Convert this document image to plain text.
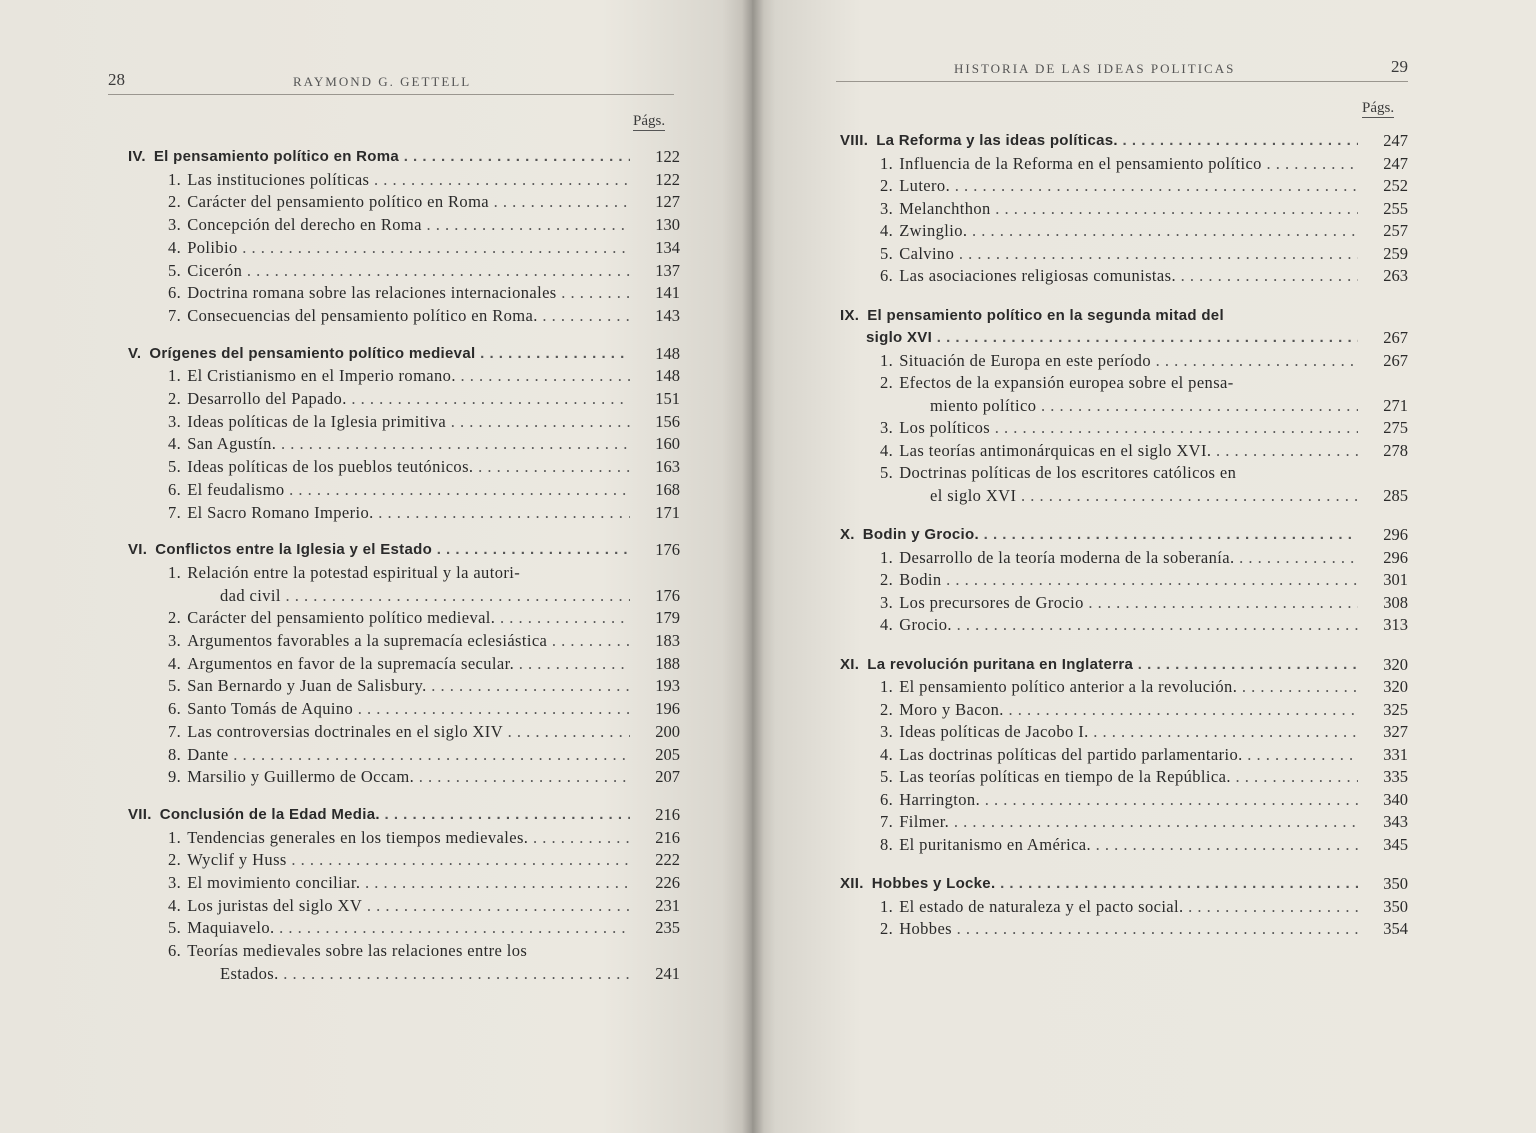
28	RAYMOND G. GETTELL
Págs.
IV. El pensamiento político en Roma . . .	122
1. Las instituciones políticas . . .	122
2. Carácter del pensamiento político en Roma . . .	127
3. Concepción del derecho en Roma . . .	130
4. Polibio . . .	134
5. Cicerón . . .	137
6. Doctrina romana sobre las relaciones internacionales . . .	141
7. Consecuencias del pensamiento político en Roma. . . .	143
V. Orígenes del pensamiento político medieval . . .	148
1. El Cristianismo en el Imperio romano. . . .	148
2. Desarrollo del Papado. . . .	151
3. Ideas políticas de la Iglesia primitiva . . .	156
4. San Agustín. . . .	160
5. Ideas políticas de los pueblos teutónicos. . . .	163
6. El feudalismo . . .	168
7. El Sacro Romano Imperio. . . .	171
VI. Conflictos entre la Iglesia y el Estado . . .	176
1. Relación entre la potestad espiritual y la autori-
dad civil . . .	176
2. Carácter del pensamiento político medieval. . . .	179
3. Argumentos favorables a la supremacía eclesiástica . . .	183
4. Argumentos en favor de la supremacía secular. . . .	188
5. San Bernardo y Juan de Salisbury. . . .	193
6. Santo Tomás de Aquino . . .	196
7. Las controversias doctrinales en el siglo XIV . . .	200
8. Dante . . .	205
9. Marsilio y Guillermo de Occam. . . .	207
VII. Conclusión de la Edad Media. . . .	216
1. Tendencias generales en los tiempos medievales. . . .	216
2. Wyclif y Huss . . .	222
3. El movimiento conciliar. . . .	226
4. Los juristas del siglo XV . . .	231
5. Maquiavelo. . . .	235
6. Teorías medievales sobre las relaciones entre los
Estados. . . .	241
HISTORIA DE LAS IDEAS POLITICAS	29
Págs.
VIII. La Reforma y las ideas políticas. . . .	247
1. Influencia de la Reforma en el pensamiento político . . .	247
2. Lutero. . . .	252
3. Melanchthon . . .	255
4. Zwinglio. . . .	257
5. Calvino . . .	259
6. Las asociaciones religiosas comunistas. . . .	263
IX. El pensamiento político en la segunda mitad del
siglo XVI . . .	267
1. Situación de Europa en este período . . .	267
2. Efectos de la expansión europea sobre el pensa-
miento político . . .	271
3. Los políticos . . .	275
4. Las teorías antimonárquicas en el siglo XVI. . . .	278
5. Doctrinas políticas de los escritores católicos en
el siglo XVI . . .	285
X. Bodin y Grocio. . . .	296
1. Desarrollo de la teoría moderna de la soberanía. . . .	296
2. Bodin . . .	301
3. Los precursores de Grocio . . .	308
4. Grocio. . . .	313
XI. La revolución puritana en Inglaterra . . .	320
1. El pensamiento político anterior a la revolución. . . .	320
2. Moro y Bacon. . . .	325
3. Ideas políticas de Jacobo I. . . .	327
4. Las doctrinas políticas del partido parlamentario. . . .	331
5. Las teorías políticas en tiempo de la República. . . .	335
6. Harrington. . . .	340
7. Filmer. . . .	343
8. El puritanismo en América. . . .	345
XII. Hobbes y Locke. . . .	350
1. El estado de naturaleza y el pacto social. . . .	350
2. Hobbes . . .	354
